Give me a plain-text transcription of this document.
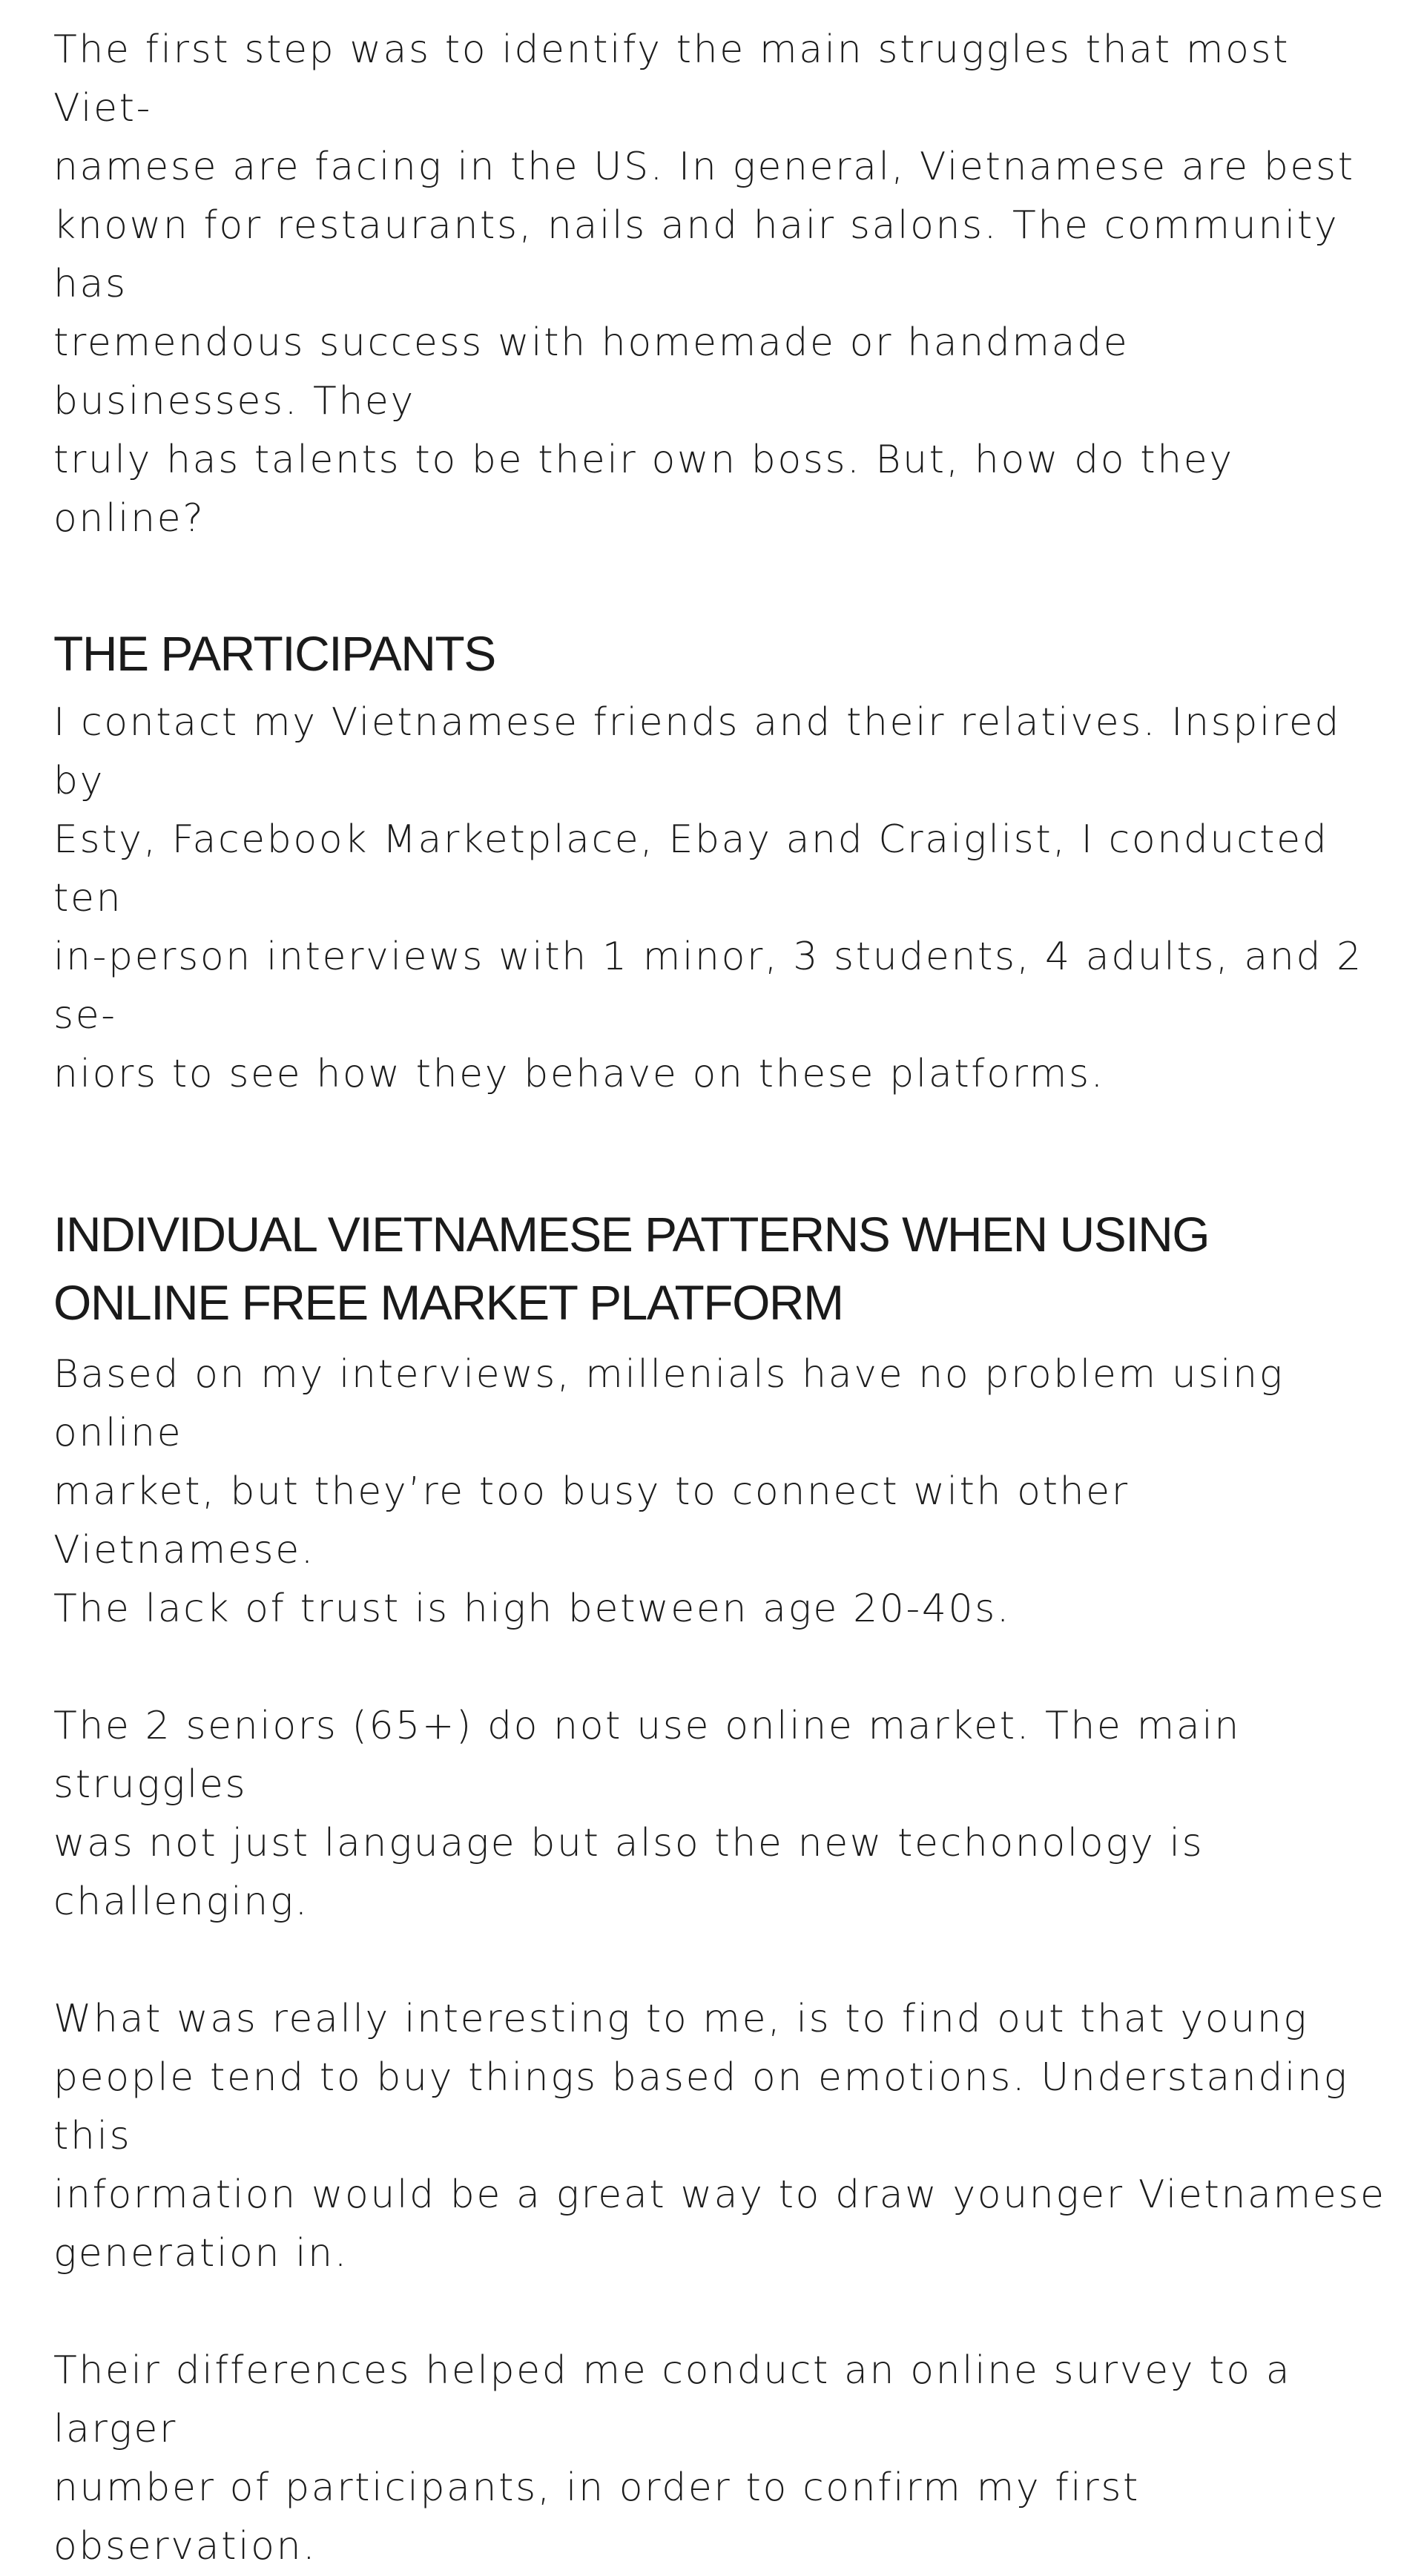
The first step was to identify the main struggles that most Viet-
namese are facing in the US. In general, Vietnamese are best
known for restaurants, nails and hair salons. The community has
tremendous success with homemade or handmade businesses. They
truly has talents to be their own boss. But, how do they online?

THE PARTICIPANTS

I contact my Vietnamese friends and their relatives. Inspired by
Esty, Facebook Marketplace, Ebay and Craiglist, I conducted ten
in-person interviews with 1 minor, 3 students, 4 adults, and 2 se-
niors to see how they behave on these platforms.

INDIVIDUAL VIETNAMESE PATTERNS WHEN USING
ONLINE FREE MARKET PLATFORM

Based on my interviews, millenials have no problem using online
market, but they’re too busy to connect with other Vietnamese.
The lack of trust is high between age 20-40s.

The 2 seniors (65+) do not use online market. The main struggles
was not just language but also the new techonology is challenging.

What was really interesting to me, is to find out that young
people tend to buy things based on emotions. Understanding this
information would be a great way to draw younger Vietnamese
generation in.

Their differences helped me conduct an online survey to a larger
number of participants, in order to confirm my first observation.
